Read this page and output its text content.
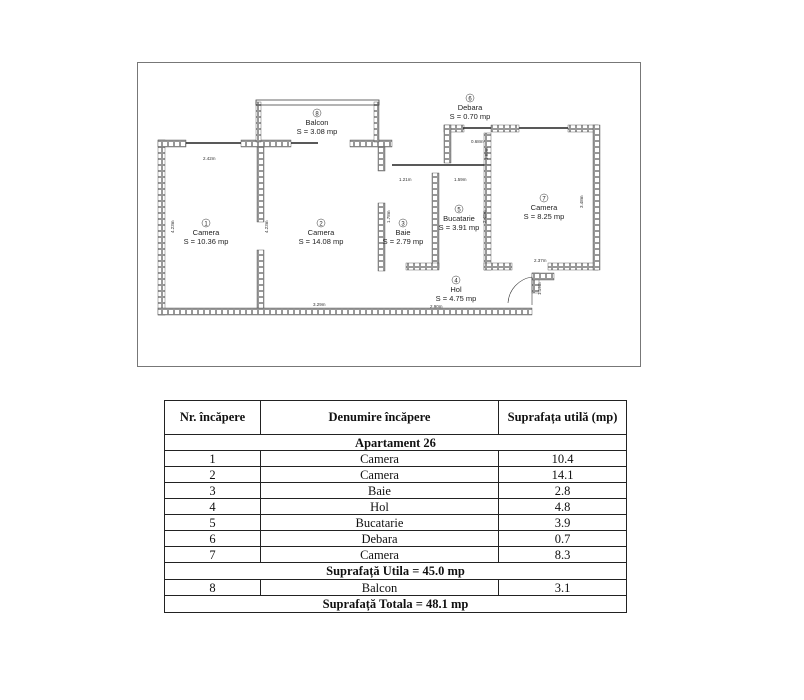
1
Camera
S = 10.36 mp
2
Camera
S = 14.08 mp
3
Baie
S = 2.79 mp
4
Hol
S = 4.75 mp
5
Bucatarie
S = 3.91 mp
6
Debara
S = 0.70 mp
7
Camera
S = 8.25 mp
8
Balcon
S = 3.08 mp
2.42m
4.23m	4.23m
3.29m
1.21m	1.59m
0.68m
2.90m
2.37m
3.48m
1.19m
1.69m
1.78m	2.48m
Nr. încăpere	Denumire încăpere	Suprafața utilă (mp)
Apartament 26		
1	Camera	10.4
2	Camera	14.1
3	Baie	2.8
4	Hol	4.8
5	Bucatarie	3.9
6	Debara	0.7
7	Camera	8.3
Suprafață Utila = 45.0 mp		
8	Balcon	3.1
Suprafață Totala = 48.1 mp		
